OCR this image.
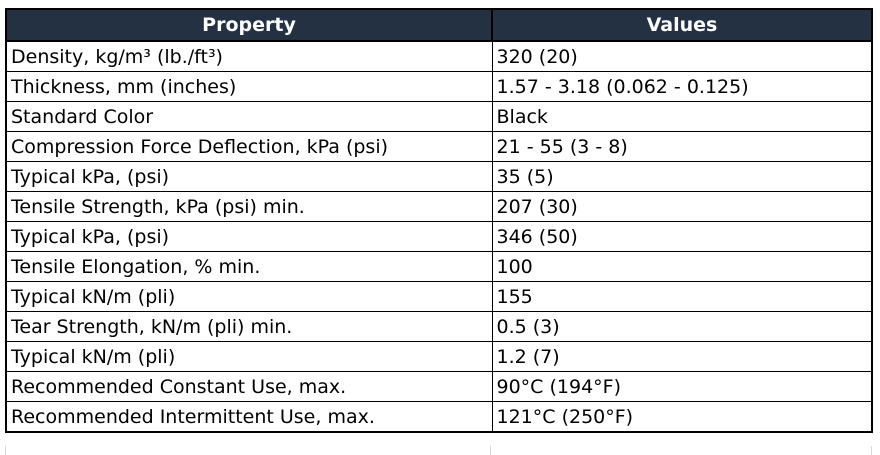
Property	Values
Density, kg/m³ (lb./ft³)	320 (20)
Thickness, mm (inches)	1.57 - 3.18 (0.062 - 0.125)
Standard Color	Black
Compression Force Deflection, kPa (psi)	21 - 55 (3 - 8)
Typical kPa, (psi)	35 (5)
Tensile Strength, kPa (psi) min.	207 (30)
Typical kPa, (psi)	346 (50)
Tensile Elongation, % min.	100
Typical kN/m (pli)	155
Tear Strength, kN/m (pli) min.	0.5 (3)
Typical kN/m (pli)	1.2 (7)
Recommended Constant Use, max.	90°C (194°F)
Recommended Intermittent Use, max.	121°C (250°F)
